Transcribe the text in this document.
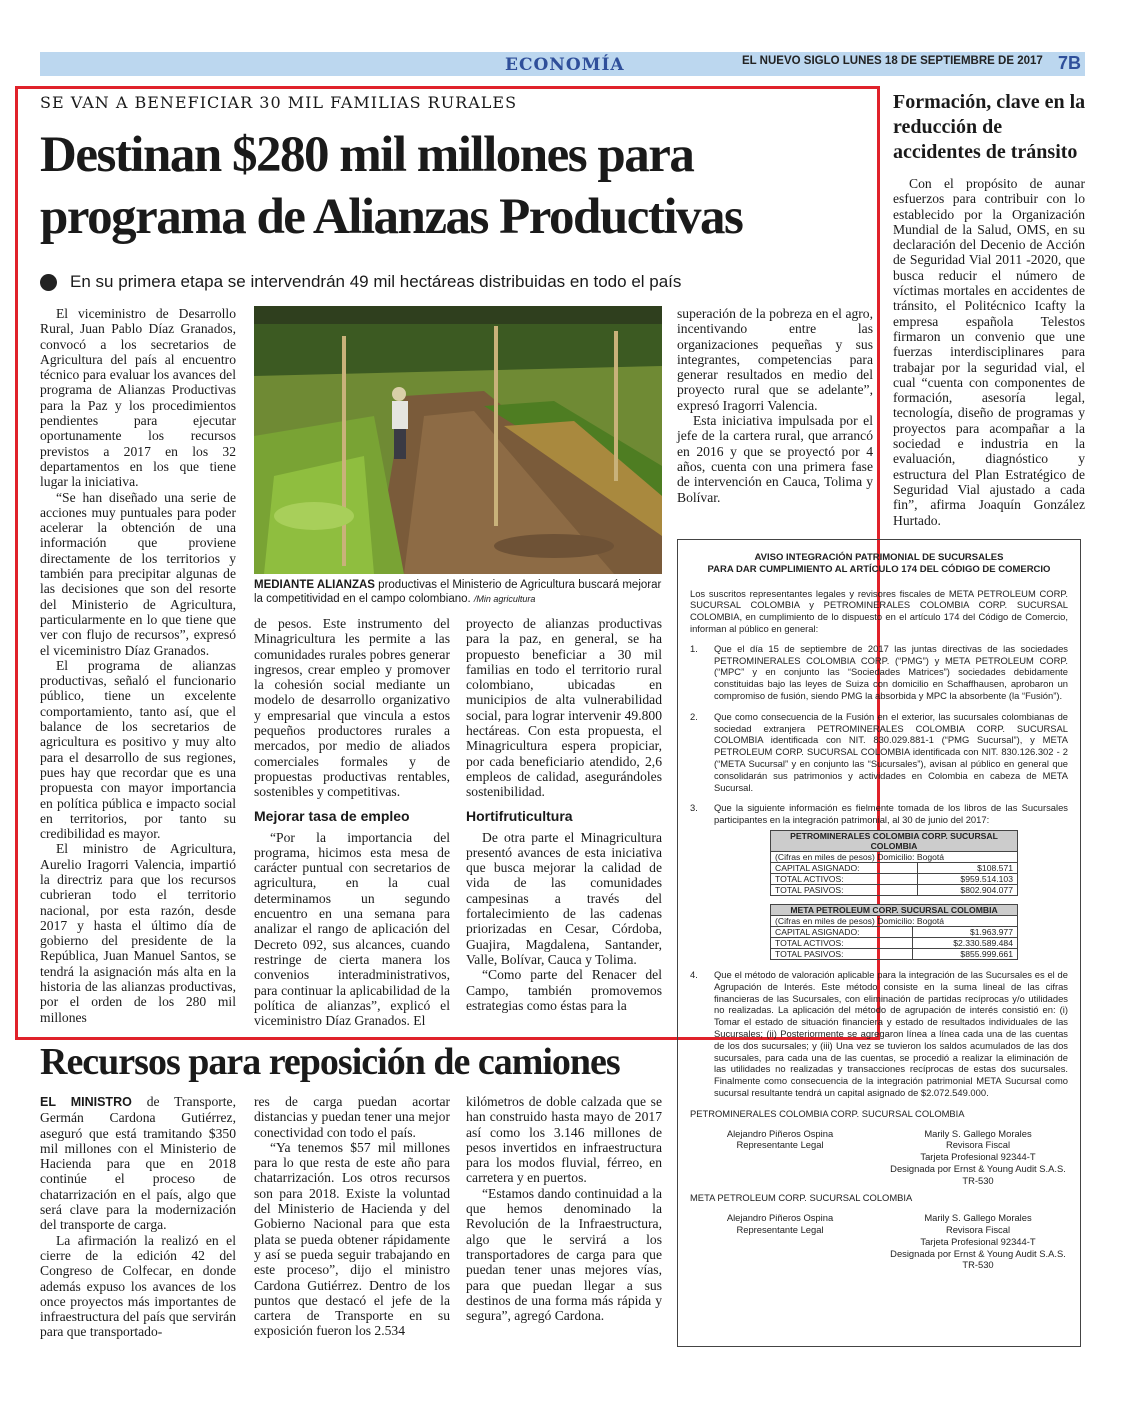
ECONOMÍA	EL NUEVO SIGLO LUNES 18 DE SEPTIEMBRE DE 2017 7B
SE VAN A BENEFICIAR 30 MIL FAMILIAS RURALES
Destinan $280 mil millones para programa de Alianzas Productivas
En su primera etapa se intervendrán 49 mil hectáreas distribuidas en todo el país

El viceministro de Desarrollo Rural, Juan Pablo Díaz Granados, convocó a los secretarios de Agricultura del país al encuentro técnico para evaluar los avances del programa de Alianzas Productivas para la Paz y los procedimientos pendientes para ejecutar oportunamente los recursos previstos a 2017 en los 32 departamentos en los que tiene lugar la iniciativa.

“Se han diseñado una serie de acciones muy puntuales para poder acelerar la obtención de una información que proviene directamente de los territorios y también para precipitar algunas de las decisiones que son del resorte del Ministerio de Agricultura, particularmente en lo que tiene que ver con flujo de recursos”, expresó el viceministro Díaz Granados.

El programa de alianzas productivas, señaló el funcionario público, tiene un excelente comportamiento, tanto así, que el balance de los secretarios de agricultura es positivo y muy alto para el desarrollo de sus regiones, pues hay que recordar que es una propuesta con mayor importancia en política pública e impacto social en territorios, por tanto su credibilidad es mayor.

El ministro de Agricultura, Aurelio Iragorri Valencia, impartió la directriz para que los recursos cubrieran todo el territorio nacional, por esta razón, desde 2017 y hasta el último día de gobierno del presidente de la República, Juan Manuel Santos, se tendrá la asignación más alta en la historia de las alianzas productivas, por el orden de los 280 mil millones

MEDIANTE ALIANZAS productivas el Ministerio de Agricultura buscará mejorar la competitividad en el campo colombiano. /Min agricultura

de pesos. Este instrumento del Minagricultura les permite a las comunidades rurales pobres generar ingresos, crear empleo y promover la cohesión social mediante un modelo de desarrollo organizativo y empresarial que vincula a estos pequeños productores rurales a mercados, por medio de aliados comerciales formales y de propuestas productivas rentables, sostenibles y competitivas.

Mejorar tasa de empleo

“Por la importancia del programa, hicimos esta mesa de carácter puntual con secretarios de agricultura, en la cual determinamos un segundo encuentro en una semana para analizar el rango de aplicación del Decreto 092, sus alcances, cuando restringe de cierta manera los convenios interadministrativos, para continuar la aplicabilidad de la política de alianzas”, explicó el viceministro Díaz Granados. El

proyecto de alianzas productivas para la paz, en general, se ha propuesto beneficiar a 30 mil familias en todo el territorio rural colombiano, ubicadas en municipios de alta vulnerabilidad social, para lograr intervenir 49.800 hectáreas. Con esta propuesta, el Minagricultura espera propiciar, por cada beneficiario atendido, 2,6 empleos de calidad, asegurándoles sostenibilidad.

Hortifruticultura

De otra parte el Minagricultura presentó avances de esta iniciativa que busca mejorar la calidad de vida de las comunidades campesinas a través del fortalecimiento de las cadenas priorizadas en Cesar, Córdoba, Guajira, Magdalena, Santander, Valle, Bolívar, Cauca y Tolima.

“Como parte del Renacer del Campo, también promovemos estrategias como éstas para la

superación de la pobreza en el agro, incentivando entre las organizaciones pequeñas y sus integrantes, competencias para generar resultados en medio del proyecto rural que se adelante”, expresó Iragorri Valencia.

Esta iniciativa impulsada por el jefe de la cartera rural, que arrancó en 2016 y que se proyectó por 4 años, cuenta con una primera fase de intervención en Cauca, Tolima y Bolívar.

Formación, clave en la reducción de accidentes de tránsito

Con el propósito de aunar esfuerzos para contribuir con lo establecido por la Organización Mundial de la Salud, OMS, en su declaración del Decenio de Acción de Seguridad Vial 2011 -2020, que busca reducir el número de víctimas mortales en accidentes de tránsito, el Politécnico Icafty la empresa española Telestos firmaron un convenio que une fuerzas interdisciplinares para trabajar por la seguridad vial, el cual “cuenta con componentes de formación, asesoría legal, tecnología, diseño de programas y proyectos para acompañar a la sociedad e industria en la evaluación, diagnóstico y estructura del Plan Estratégico de Seguridad Vial ajustado a cada fin”, afirma Joaquín González Hurtado.

AVISO INTEGRACIÓN PATRIMONIAL DE SUCURSALES
PARA DAR CUMPLIMIENTO AL ARTÍCULO 174 DEL CÓDIGO DE COMERCIO

Los suscritos representantes legales y revisores fiscales de META PETROLEUM CORP. SUCURSAL COLOMBIA y PETROMINERALES COLOMBIA CORP. SUCURSAL COLOMBIA, en cumplimiento de lo dispuesto en el artículo 174 del Código de Comercio, informan al público en general:

1. Que el día 15 de septiembre de 2017 las juntas directivas de las sociedades PETROMINERALES COLOMBIA CORP. (“PMG”) y META PETROLEUM CORP. (“MPC” y en conjunto las “Sociedades Matrices”) sociedades debidamente constituidas bajo las leyes de Suiza con domicilio en Schaffhausen, aprobaron un compromiso de fusión, siendo PMG la absorbida y MPC la absorbente (la “Fusión”).
2. Que como consecuencia de la Fusión en el exterior, las sucursales colombianas de sociedad extranjera PETROMINERALES COLOMBIA CORP. SUCURSAL COLOMBIA identificada con NIT. 830.029.881-1 (“PMG Sucursal”), y META PETROLEUM CORP. SUCURSAL COLOMBIA identificada con NIT. 830.126.302 - 2 (“META Sucursal” y en conjunto las “Sucursales”), avisan al público en general que consolidarán sus patrimonios y actividades en Colombia en cabeza de META Sucursal.
3. Que la siguiente información es fielmente tomada de los libros de las Sucursales participantes en la integración patrimonial, al 30 de junio del 2017:
PETROMINERALES COLOMBIA CORP. SUCURSAL COLOMBIA	
(Cifras en miles de pesos) Domicilio: Bogotá	
CAPITAL ASIGNADO:	$108.571
TOTAL ACTIVOS:	$959.514.103
TOTAL PASIVOS:	$802.904.077
META PETROLEUM CORP. SUCURSAL COLOMBIA	
(Cifras en miles de pesos) Domicilio: Bogotá	
CAPITAL ASIGNADO:	$1.963.977
TOTAL ACTIVOS:	$2.330.589.484
TOTAL PASIVOS:	$855.999.661
4. Que el método de valoración aplicable para la integración de las Sucursales es el de Agrupación de Interés. Este método consiste en la suma lineal de las cifras financieras de las Sucursales, con eliminación de partidas recíprocas y/o utilidades no realizadas. La aplicación del método de agrupación de interés consistió en: (i) Tomar el estado de situación financiera y estado de resultados individuales de las Sucursales; (ii) Posteriormente se agregaron línea a línea cada una de las cuentas de los dos sucursales; y (iii) Una vez se tuvieron los saldos acumulados de las dos sucursales, para cada una de las cuentas, se procedió a realizar la eliminación de las utilidades no realizadas y transacciones recíprocas de estas dos sucursales. Finalmente como consecuencia de la integración patrimonial META Sucursal como sucursal resultante tendrá un capital asignado de $2.072.549.000.
PETROMINERALES COLOMBIA CORP. SUCURSAL COLOMBIA
Alejandro Piñeros Ospina
Representante Legal
Marily S. Gallego Morales
Revisora Fiscal
Tarjeta Profesional 92344-T
Designada por Ernst & Young Audit S.A.S.
TR-530
META PETROLEUM CORP. SUCURSAL COLOMBIA
Alejandro Piñeros Ospina
Representante Legal
Marily S. Gallego Morales
Revisora Fiscal
Tarjeta Profesional 92344-T
Designada por Ernst & Young Audit S.A.S.
TR-530
Recursos para reposición de camiones

EL MINISTRO de Transporte, Germán Cardona Gutiérrez, aseguró que está tramitando $350 mil millones con el Ministerio de Hacienda para que en 2018 continúe el proceso de chatarrización en el país, algo que será clave para la modernización del transporte de carga.

La afirmación la realizó en el cierre de la edición 42 del Congreso de Colfecar, en donde además expuso los avances de los once proyectos más importantes de infraestructura del país que servirán para que transportado-

res de carga puedan acortar distancias y puedan tener una mejor conectividad con todo el país.

“Ya tenemos $57 mil millones para lo que resta de este año para chatarrización. Los otros recursos son para 2018. Existe la voluntad del Ministerio de Hacienda y del Gobierno Nacional para que esta plata se pueda obtener rápidamente y así se pueda seguir trabajando en este proceso”, dijo el ministro Cardona Gutiérrez. Dentro de los puntos que destacó el jefe de la cartera de Transporte en su exposición fueron los 2.534

kilómetros de doble calzada que se han construido hasta mayo de 2017 así como los 3.146 millones de pesos invertidos en infraestructura para los modos fluvial, férreo, en carretera y en puertos.

“Estamos dando continuidad a la que hemos denominado la Revolución de la Infraestructura, algo que le servirá a los transportadores de carga para que puedan tener unas mejores vías, para que puedan llegar a sus destinos de una forma más rápida y segura”, agregó Cardona.
